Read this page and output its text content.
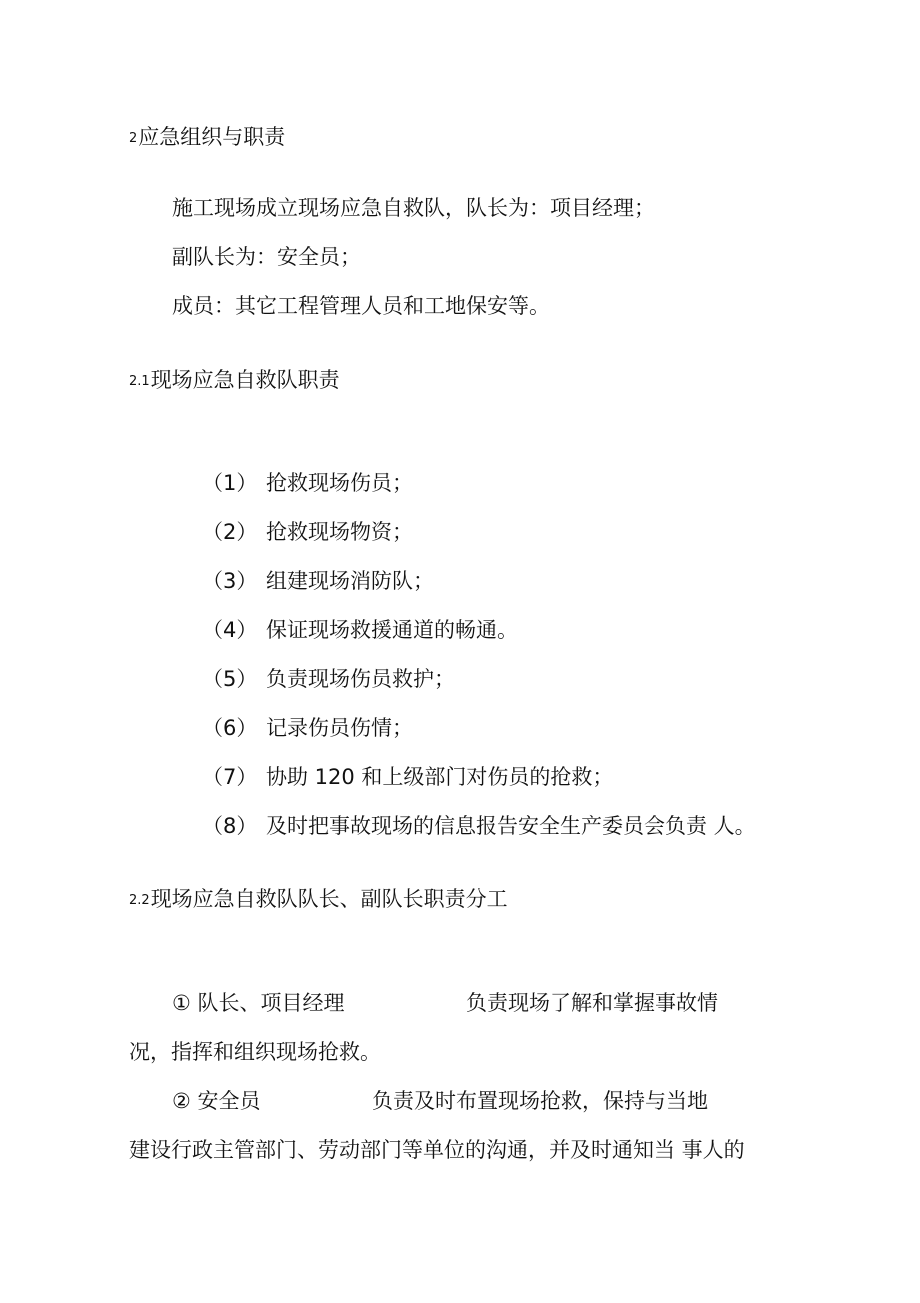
2应急组织与职责
施工现场成立现场应急自救队，队长为：项目经理；
副队长为：安全员；
成员：其它工程管理人员和工地保安等。
2.1现场应急自救队职责
（1） 抢救现场伤员；
（2） 抢救现场物资；
（3） 组建现场消防队；
（4） 保证现场救援通道的畅通。
（5） 负责现场伤员救护；
（6） 记录伤员伤情；
（7） 协助 120 和上级部门对伤员的抢救；
（8） 及时把事故现场的信息报告安全生产委员会负责 人。
2.2现场应急自救队队长、副队长职责分工
① 队长、项目经理	负责现场了解和掌握事故情
况，指挥和组织现场抢救。
② 安全员	负责及时布置现场抢救，保持与当地
建设行政主管部门、劳动部门等单位的沟通，并及时通知当 事人的
